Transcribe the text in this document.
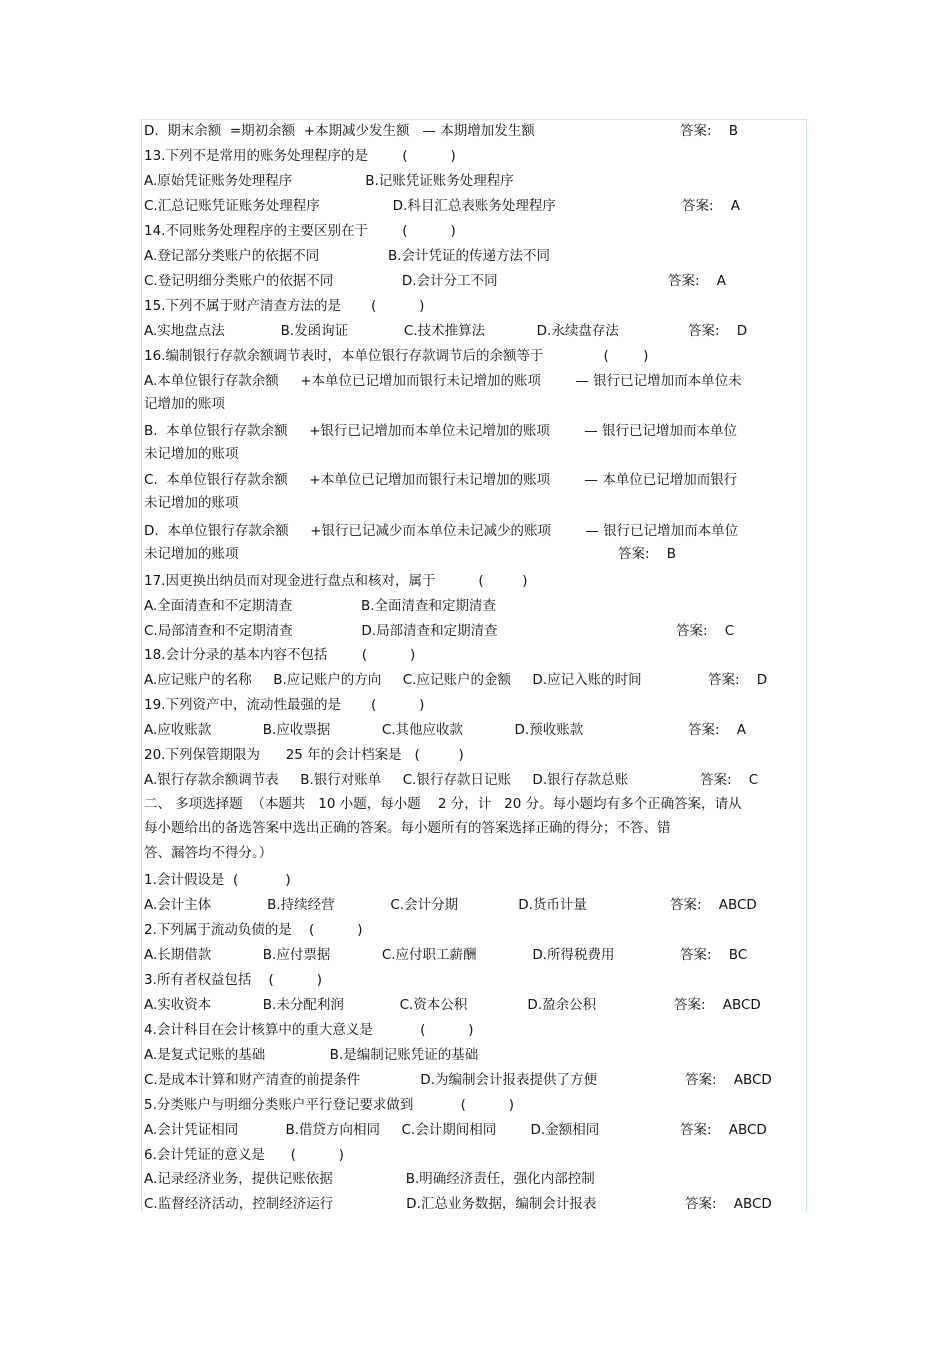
D.  期末余额  =期初余额  +本期减少发生额   — 本期增加发生额
13.下列不是常用的账务处理程序的是        (          )
A.原始凭证账务处理程序                 B.记账凭证账务处理程序
C.汇总记账凭证账务处理程序                 D.科目汇总表账务处理程序
14.不同账务处理程序的主要区别在于        (          )
A.登记部分类账户的依据不同                B.会计凭证的传递方法不同
C.登记明细分类账户的依据不同                D.会计分工不同
15.下列不属于财产清查方法的是       (          )
A.实地盘点法             B.发函询证             C.技术推算法            D.永续盘存法
16.编制银行存款余额调节表时，本单位银行存款调节后的余额等于              (        )
A.本单位银行存款余额     +本单位已记增加而银行未记增加的账项        — 银行已记增加而本单位未
记增加的账项
B.  本单位银行存款余额     +银行已记增加而本单位未记增加的账项        — 银行已记增加而本单位
未记增加的账项
C.  本单位银行存款余额     +本单位已记增加而银行未记增加的账项        — 本单位已记增加而银行
未记增加的账项
D.  本单位银行存款余额     +银行已记减少而本单位未记减少的账项        — 银行已记增加而本单位
未记增加的账项
17.因更换出纳员而对现金进行盘点和核对，属于          (         )
A.全面清查和不定期清查                B.全面清查和定期清查
C.局部清查和不定期清查                D.局部清查和定期清查
18.会计分录的基本内容不包括        (          )
A.应记账户的名称     B.应记账户的方向     C.应记账户的金额     D.应记入账的时间
19.下列资产中，流动性最强的是       (          )
A.应收账款            B.应收票据            C.其他应收款            D.预收账款
20.下列保管期限为      25 年的会计档案是   (         )
A.银行存款余额调节表     B.银行对账单     C.银行存款日记账     D.银行存款总账
二、 多项选择题  （本题共   10 小题，每小题    2 分，计   20 分。每小题均有多个正确答案，请从
每小题给出的备选答案中选出正确的答案。每小题所有的答案选择正确的得分；不答、错
答、漏答均不得分。）
1.会计假设是  (           )
A.会计主体             B.持续经营             C.会计分期              D.货币计量
2.下列属于流动负债的是    (          )
A.长期借款            B.应付票据            C.应付职工薪酬             D.所得税费用
3.所有者权益包括    (          )
A.实收资本            B.未分配利润             C.资本公积              D.盈余公积
4.会计科目在会计核算中的重大意义是           (          )
A.是复式记账的基础               B.是编制记账凭证的基础
C.是成本计算和财产清查的前提条件              D.为编制会计报表提供了方便
5.分类账户与明细分类账户平行登记要求做到           (          )
A.会计凭证相同           B.借贷方向相同     C.会计期间相同        D.金额相同
6.会计凭证的意义是      (          )
A.记录经济业务，提供记账依据                 B.明确经济责任，强化内部控制
C.监督经济活动，控制经济运行                 D.汇总业务数据，编制会计报表
答案:    B
答案:    A
答案:    A
答案:    D
答案:    B
答案:    C
答案:    D
答案:    A
答案:    C
答案:    ABCD
答案:    BC
答案:    ABCD
答案:    ABCD
答案:    ABCD
答案:    ABCD
